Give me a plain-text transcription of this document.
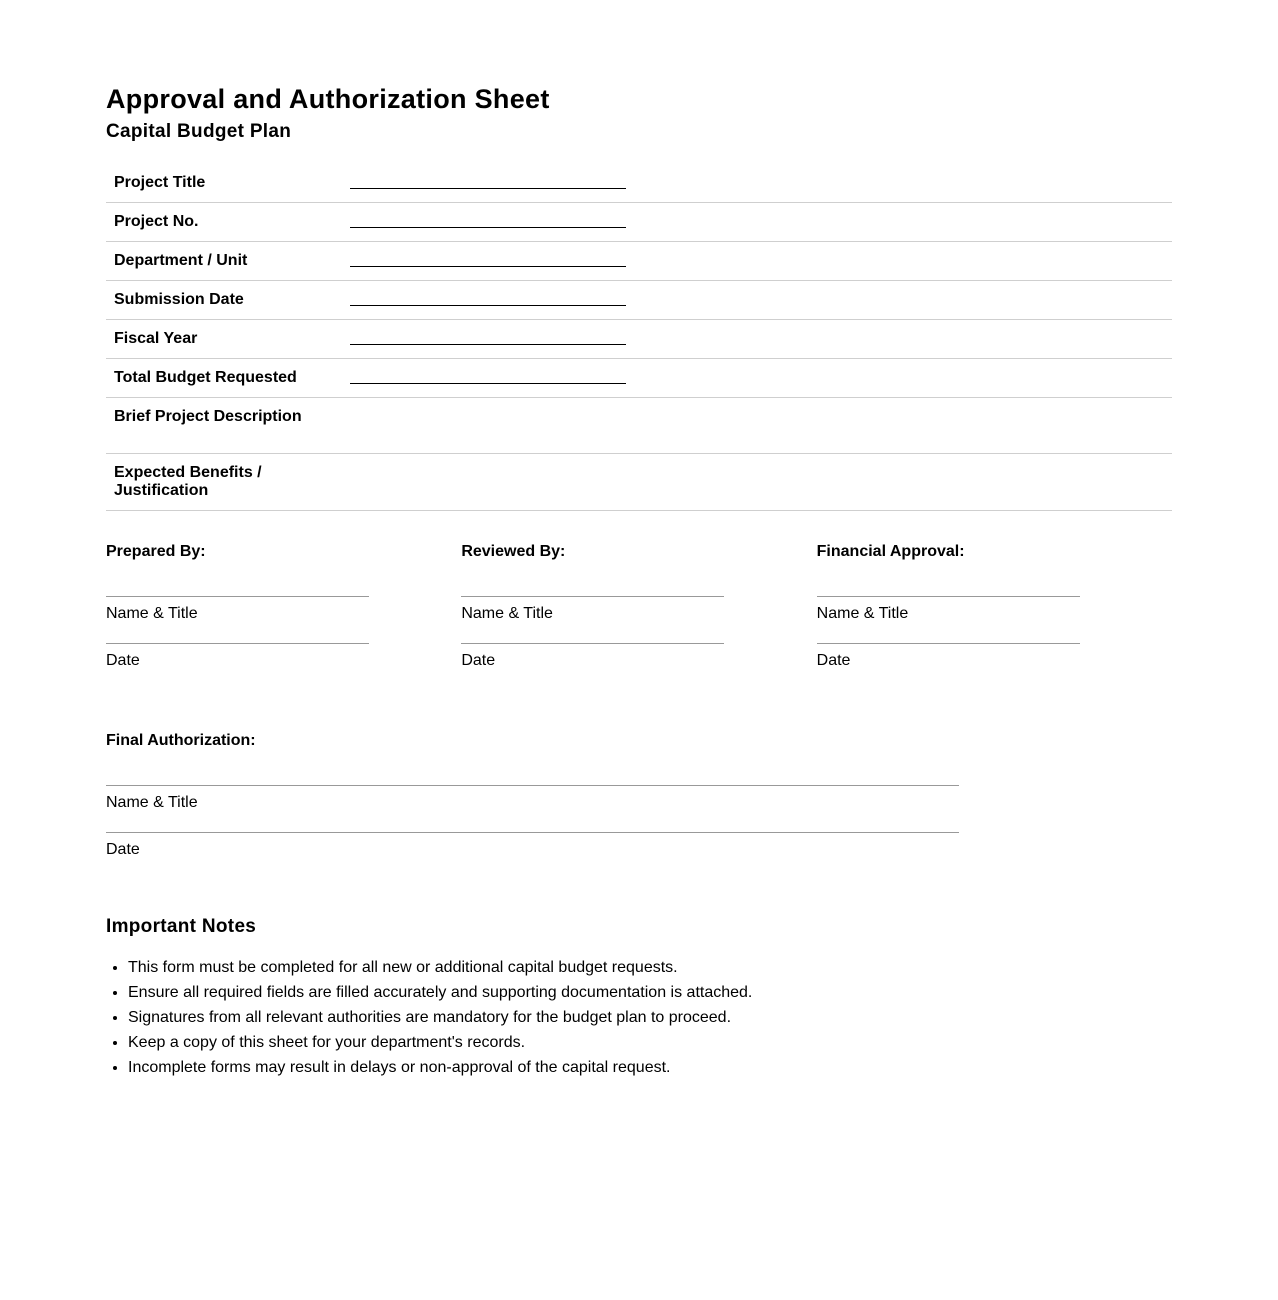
Approval and Authorization Sheet
Capital Budget Plan
Project Title
Project No.
Department / Unit
Submission Date
Fiscal Year
Total Budget Requested
Brief Project Description
Expected Benefits / Justification
Prepared By:
Name & Title
Date
Reviewed By:
Name & Title
Date
Financial Approval:
Name & Title
Date
Final Authorization:
Name & Title
Date
Important Notes
• This form must be completed for all new or additional capital budget requests.
• Ensure all required fields are filled accurately and supporting documentation is attached.
• Signatures from all relevant authorities are mandatory for the budget plan to proceed.
• Keep a copy of this sheet for your department's records.
• Incomplete forms may result in delays or non-approval of the capital request.
